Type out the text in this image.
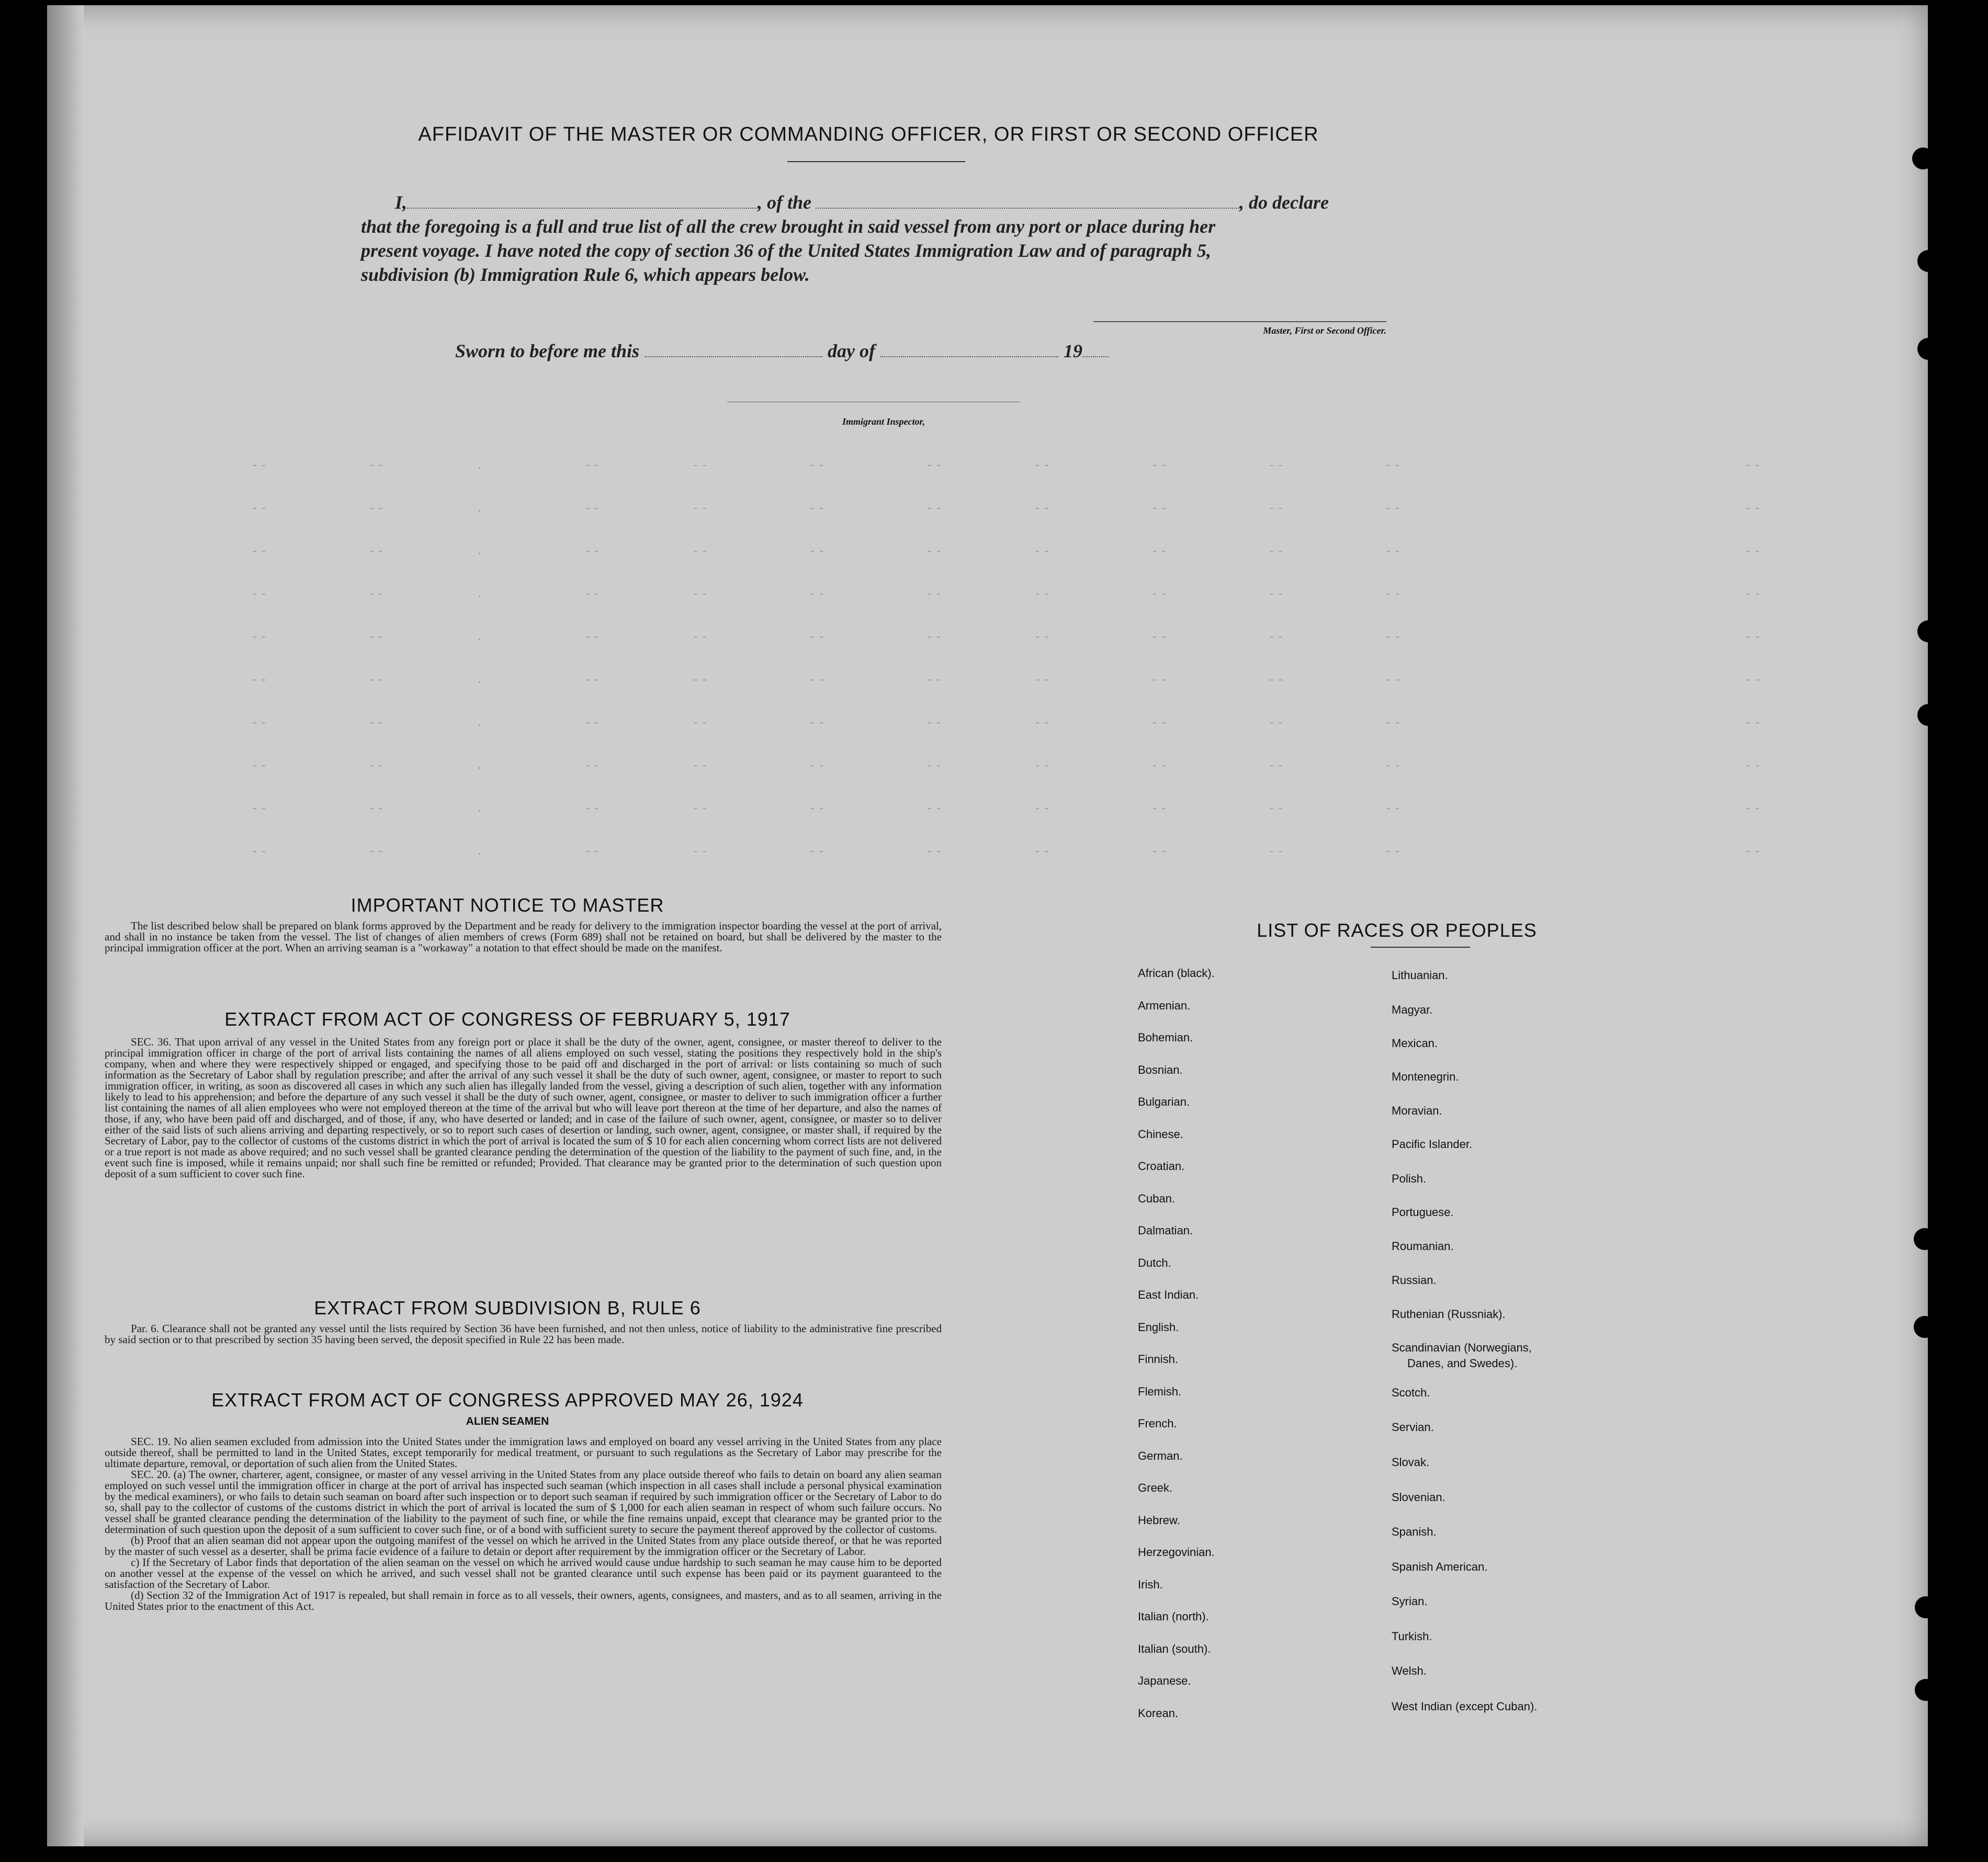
--           --          .           --          --           --           --          --           --           --           --                                      --
--           --          .           --          --           --           --          --           --           --           --                                      --
--           --          .           --          --           --           --          --           --           --           --                                      --
--           --          .           --          --           --           --          --           --           --           --                                      --
--           --          .           --          --           --           --          --           --           --           --                                      --
--           --          .           --          --           --           --          --           --           --           --                                      --
--           --          .           --          --           --           --          --           --           --           --                                      --
--           --          .           --          --           --           --          --           --           --           --                                      --
--           --          .           --          --           --           --          --           --           --           --                                      --
--           --          .           --          --           --           --          --           --           --           --                                      --
AFFIDAVIT OF THE MASTER OR COMMANDING OFFICER, OR FIRST OR SECOND OFFICER
I,	, of the	, do declare
that the foregoing is a full and true list of all the crew brought in said vessel from any port or place during her
present voyage. I have noted the copy of section 36 of the United States Immigration Law and of paragraph 5,
subdivision (b) Immigration Rule 6, which appears below.
Master, First or Second Officer.
Sworn to before me this	day of	19
Immigrant Inspector,
IMPORTANT NOTICE TO MASTER

The list described below shall be prepared on blank forms approved by the Department and be ready for delivery to the immigration inspector boarding the vessel at the port of arrival, and shall in no instance be taken from the vessel. The list of changes of alien members of crews (Form 689) shall not be retained on board, but shall be delivered by the master to the principal immigration officer at the port. When an arriving seaman is a "workaway" a notation to that effect should be made on the manifest.

EXTRACT FROM ACT OF CONGRESS OF FEBRUARY 5, 1917

SEC. 36. That upon arrival of any vessel in the United States from any foreign port or place it shall be the duty of the owner, agent, consignee, or master thereof to deliver to the principal immigration officer in charge of the port of arrival lists containing the names of all aliens employed on such vessel, stating the positions they respectively hold in the ship's company, when and where they were respectively shipped or engaged, and specifying those to be paid off and discharged in the port of arrival: or lists containing so much of such information as the Secretary of Labor shall by regulation prescribe; and after the arrival of any such vessel it shall be the duty of such owner, agent, consignee, or master to report to such immigration officer, in writing, as soon as discovered all cases in which any such alien has illegally landed from the vessel, giving a description of such alien, together with any information likely to lead to his apprehension; and before the departure of any such vessel it shall be the duty of such owner, agent, consignee, or master to deliver to such immigration officer a further list containing the names of all alien employees who were not employed thereon at the time of the arrival but who will leave port thereon at the time of her departure, and also the names of those, if any, who have been paid off and discharged, and of those, if any, who have deserted or landed; and in case of the failure of such owner, agent, consignee, or master so to deliver either of the said lists of such aliens arriving and departing respectively, or so to report such cases of desertion or landing, such owner, agent, consignee, or master shall, if required by the Secretary of Labor, pay to the collector of customs of the customs district in which the port of arrival is located the sum of $ 10 for each alien concerning whom correct lists are not delivered or a true report is not made as above required; and no such vessel shall be granted clearance pending the determination of the question of the liability to the payment of such fine, and, in the event such fine is imposed, while it remains unpaid; nor shall such fine be remitted or refunded; Provided. That clearance may be granted prior to the determination of such question upon deposit of a sum sufficient to cover such fine.

EXTRACT FROM SUBDIVISION B, RULE 6

Par. 6. Clearance shall not be granted any vessel until the lists required by Section 36 have been furnished, and not then unless, notice of liability to the administrative fine prescribed by said section or to that prescribed by section 35 having been served, the deposit specified in Rule 22 has been made.

EXTRACT FROM ACT OF CONGRESS APPROVED MAY 26, 1924
ALIEN SEAMEN

SEC. 19. No alien seamen excluded from admission into the United States under the immigration laws and employed on board any vessel arriving in the United States from any place outside thereof, shall be permitted to land in the United States, except temporarily for medical treatment, or pursuant to such regulations as the Secretary of Labor may prescribe for the ultimate departure, removal, or deportation of such alien from the United States.

SEC. 20. (a) The owner, charterer, agent, consignee, or master of any vessel arriving in the United States from any place outside thereof who fails to detain on board any alien seaman employed on such vessel until the immigration officer in charge at the port of arrival has inspected such seaman (which inspection in all cases shall include a personal physical examination by the medical examiners), or who fails to detain such seaman on board after such inspection or to deport such seaman if required by such immigration officer or the Secretary of Labor to do so, shall pay to the collector of customs of the customs district in which the port of arrival is located the sum of $ 1,000 for each alien seaman in respect of whom such failure occurs. No vessel shall be granted clearance pending the determination of the liability to the payment of such fine, or while the fine remains unpaid, except that clearance may be granted prior to the determination of such question upon the deposit of a sum sufficient to cover such fine, or of a bond with sufficient surety to secure the payment thereof approved by the collector of customs.

(b) Proof that an alien seaman did not appear upon the outgoing manifest of the vessel on which he arrived in the United States from any place outside thereof, or that he was reported by the master of such vessel as a deserter, shall be prima facie evidence of a failure to detain or deport after requirement by the immigration officer or the Secretary of Labor.

c) If the Secretary of Labor finds that deportation of the alien seaman on the vessel on which he arrived would cause undue hardship to such seaman he may cause him to be deported on another vessel at the expense of the vessel on which he arrived, and such vessel shall not be granted clearance until such expense has been paid or its payment guaranteed to the satisfaction of the Secretary of Labor.

(d) Section 32 of the Immigration Act of 1917 is repealed, but shall remain in force as to all vessels, their owners, agents, consignees, and masters, and as to all seamen, arriving in the United States prior to the enactment of this Act.

LIST OF RACES OR PEOPLES
African (black).
Armenian.
Bohemian.
Bosnian.
Bulgarian.
Chinese.
Croatian.
Cuban.
Dalmatian.
Dutch.
East Indian.
English.
Finnish.
Flemish.
French.
German.
Greek.
Hebrew.
Herzegovinian.
Irish.
Italian (north).
Italian (south).
Japanese.
Korean.
Lithuanian.
Magyar.
Mexican.
Montenegrin.
Moravian.
Pacific Islander.
Polish.
Portuguese.
Roumanian.
Russian.
Ruthenian (Russniak).
Scandinavian (Norwegians,
Danes, and Swedes).
Scotch.
Servian.
Slovak.
Slovenian.
Spanish.
Spanish American.
Syrian.
Turkish.
Welsh.
West Indian (except Cuban).
